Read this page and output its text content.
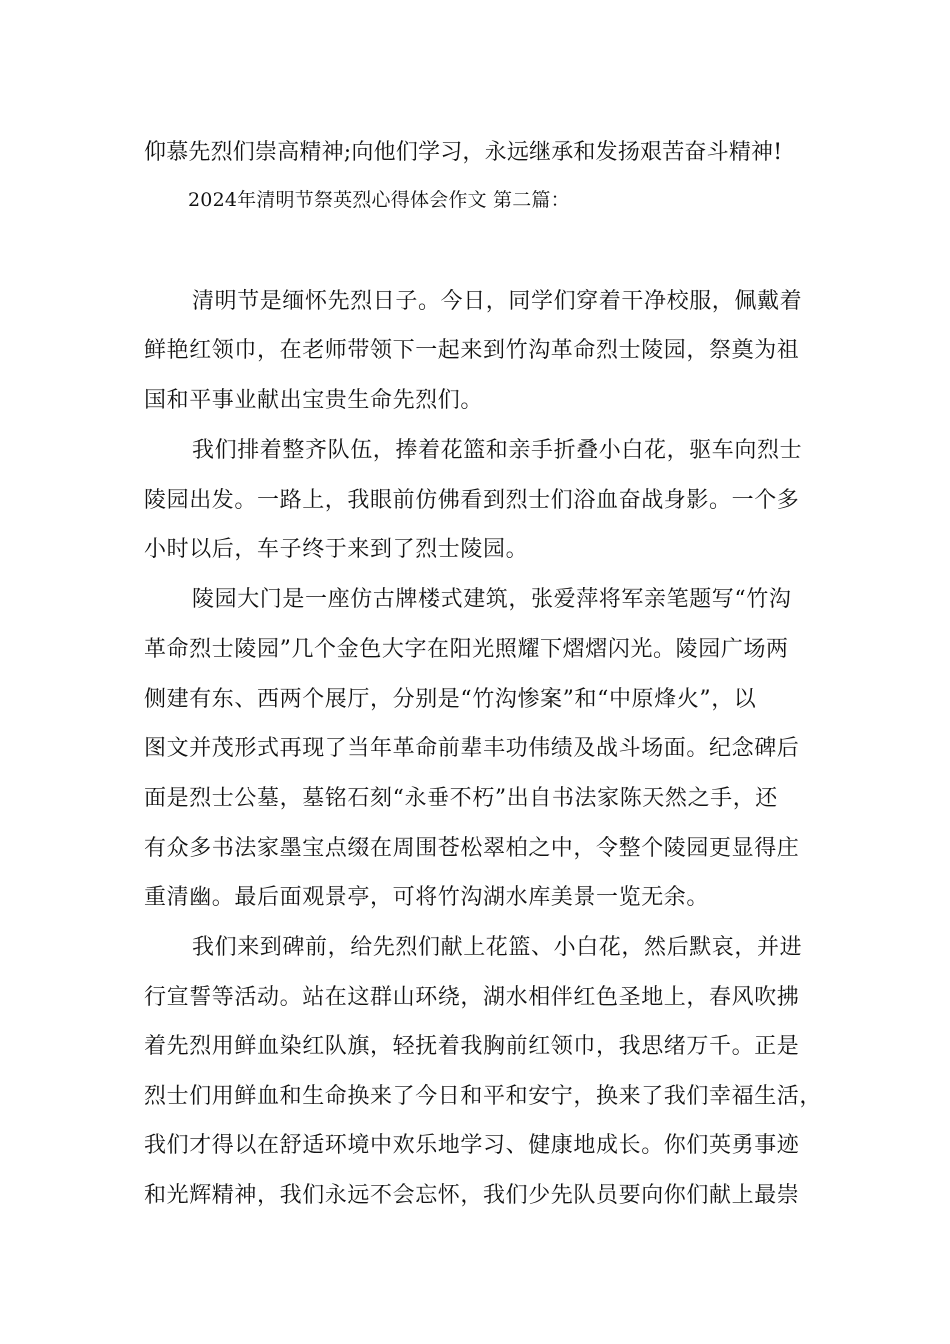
仰慕先烈们崇高精神;向他们学习，永远继承和发扬艰苦奋斗精神!
2024年清明节祭英烈心得体会作文 第二篇：
清明节是缅怀先烈日子。今日，同学们穿着干净校服，佩戴着
鲜艳红领巾，在老师带领下一起来到竹沟革命烈士陵园，祭奠为祖
国和平事业献出宝贵生命先烈们。
我们排着整齐队伍，捧着花篮和亲手折叠小白花，驱车向烈士
陵园出发。一路上，我眼前仿佛看到烈士们浴血奋战身影。一个多
小时以后，车子终于来到了烈士陵园。
陵园大门是一座仿古牌楼式建筑，张爱萍将军亲笔题写“竹沟
革命烈士陵园”几个金色大字在阳光照耀下熠熠闪光。陵园广场两
侧建有东、西两个展厅，分别是“竹沟惨案”和“中原烽火”，以
图文并茂形式再现了当年革命前辈丰功伟绩及战斗场面。纪念碑后
面是烈士公墓，墓铭石刻“永垂不朽”出自书法家陈天然之手，还
有众多书法家墨宝点缀在周围苍松翠柏之中，令整个陵园更显得庄
重清幽。最后面观景亭，可将竹沟湖水库美景一览无余。
我们来到碑前，给先烈们献上花篮、小白花，然后默哀，并进
行宣誓等活动。站在这群山环绕，湖水相伴红色圣地上，春风吹拂
着先烈用鲜血染红队旗，轻抚着我胸前红领巾，我思绪万千。正是
烈士们用鲜血和生命换来了今日和平和安宁，换来了我们幸福生活，
我们才得以在舒适环境中欢乐地学习、健康地成长。你们英勇事迹
和光辉精神，我们永远不会忘怀，我们少先队员要向你们献上最崇
